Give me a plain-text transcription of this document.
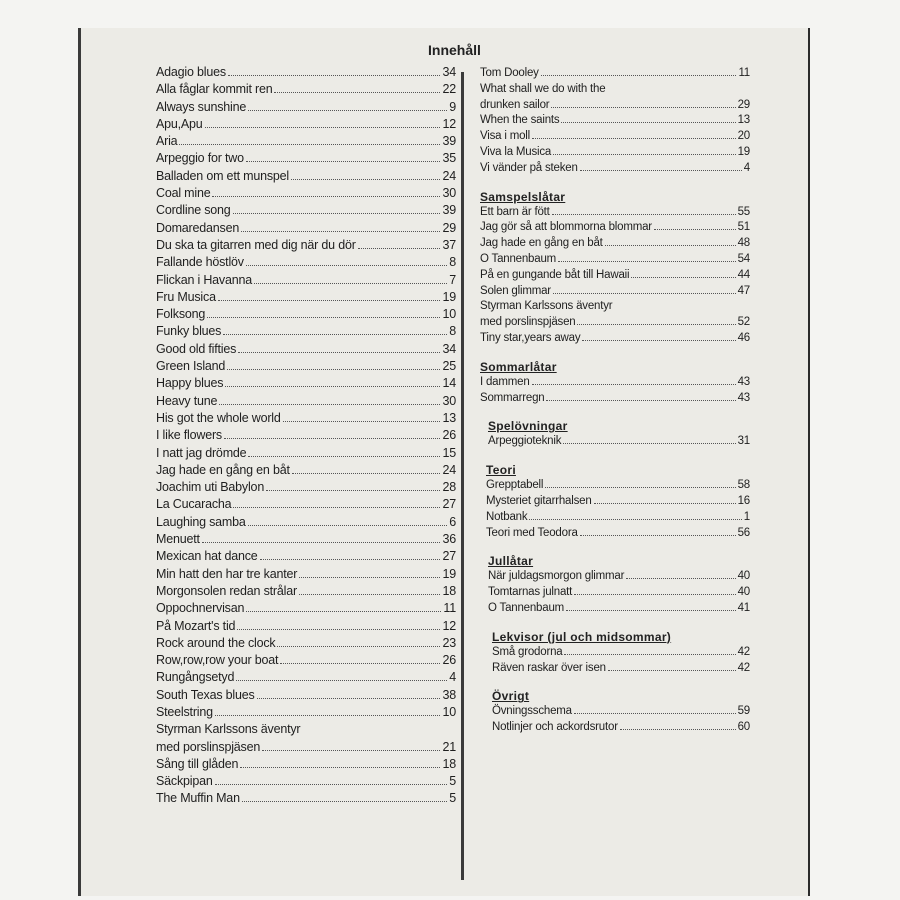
Innehåll
Adagio blues	34
Alla fåglar kommit ren	22
Always sunshine	9
Apu,Apu	12
Aria	39
Arpeggio for two	35
Balladen om ett munspel	24
Coal mine	30
Cordline song	39
Domaredansen	29
Du ska ta gitarren med dig när du dör	37
Fallande höstlöv	8
Flickan i Havanna	7
Fru Musica	19
Folksong	10
Funky blues	8
Good old fifties	34
Green Island	25
Happy blues	14
Heavy tune	30
His got the whole world	13
I like flowers	26
I natt jag drömde	15
Jag hade en gång en båt	24
Joachim uti Babylon	28
La Cucaracha	27
Laughing samba	6
Menuett	36
Mexican hat dance	27
Min hatt den har tre kanter	19
Morgonsolen redan strålar	18
Oppochnervisan	11
På Mozart's tid	12
Rock around the clock	23
Row,row,row your boat	26
Rungångsetyd	4
South Texas blues	38
Steelstring	10
Styrman Karlssons äventyr
med porslinspjäsen	21
Sång till glåden	18
Säckpipan	5
The Muffin Man	5
Tom Dooley	11
What shall we do with the
drunken sailor	29
When the saints	13
Visa i moll	20
Viva la Musica	19
Vi vänder på steken	4
Samspelslåtar
Ett barn är fött	55
Jag gör så att blommorna blommar	51
Jag hade en gång en båt	48
O Tannenbaum	54
På en gungande båt till Hawaii	44
Solen glimmar	47
Styrman Karlssons äventyr
med porslinspjäsen	52
Tiny star,years away	46
Sommarlåtar
I dammen	43
Sommarregn	43
Spelövningar
Arpeggioteknik	31
Teori
Grepptabell	58
Mysteriet gitarrhalsen	16
Notbank	1
Teori med Teodora	56
Jullåtar
När juldagsmorgon glimmar	40
Tomtarnas julnatt	40
O Tannenbaum	41
Lekvisor (jul och midsommar)
Små grodorna	42
Räven raskar över isen	42
Övrigt
Övningsschema	59
Notlinjer och ackordsrutor	60
